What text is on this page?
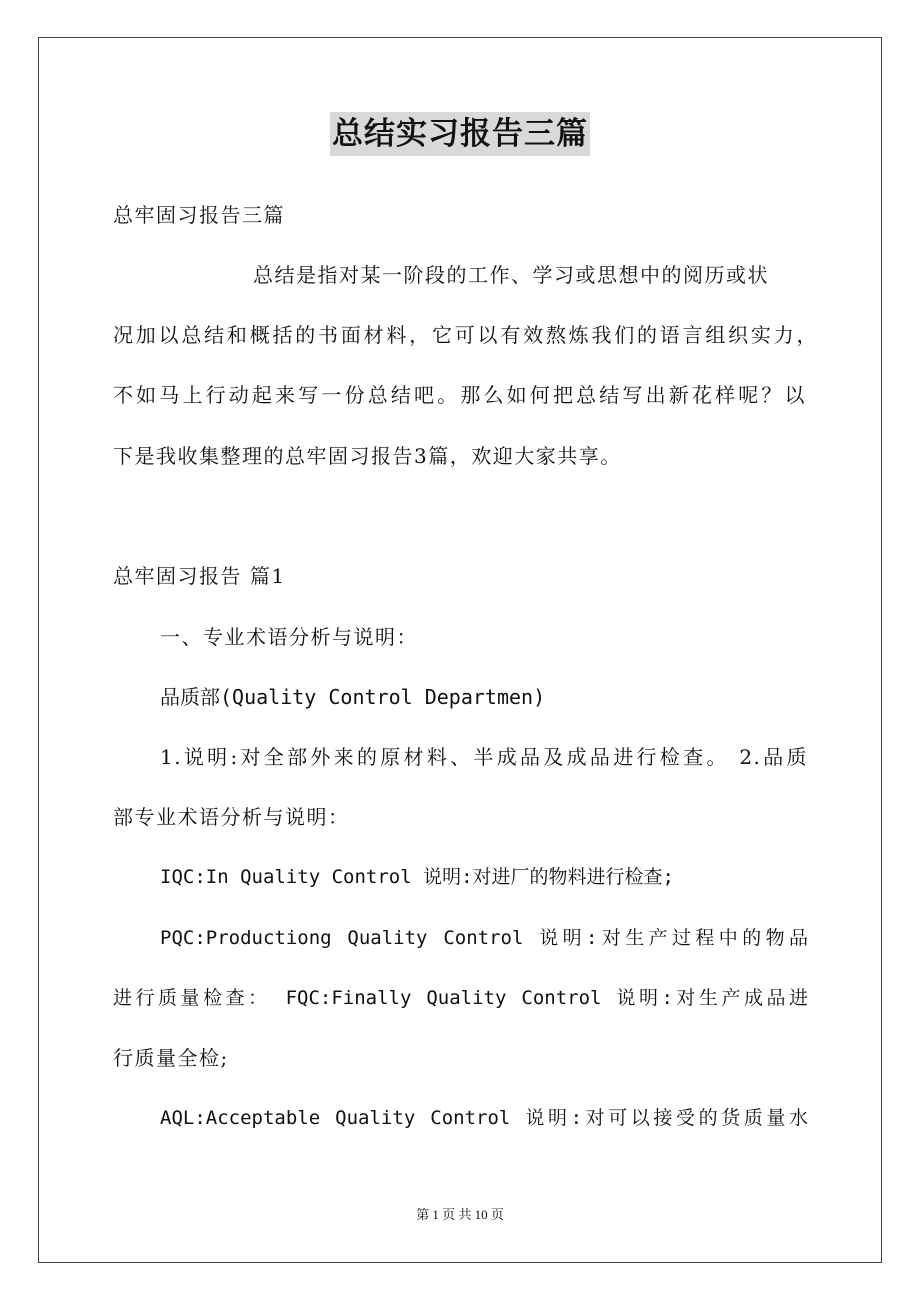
总结实习报告三篇
总牢固习报告三篇
总结是指对某一阶段的工作、学习或思想中的阅历或状
况加以总结和概括的书面材料，它可以有效熬炼我们的语言组织实力，
不如马上行动起来写一份总结吧。那么如何把总结写出新花样呢？以
下是我收集整理的总牢固习报告3篇，欢迎大家共享。
总牢固习报告 篇1
一、专业术语分析与说明：
品质部(Quality Control Departmen)
1.说明:对全部外来的原材料、半成品及成品进行检查。 2.品质
部专业术语分析与说明：
IQC:In Quality Control 说明:对进厂的物料进行检查;
PQC:Productiong Quality Control 说明:对生产过程中的物品
进行质量检查： FQC:Finally Quality Control 说明:对生产成品进
行质量全检;
AQL:Acceptable Quality Control 说明:对可以接受的货质量水
第 1 页 共 10 页
